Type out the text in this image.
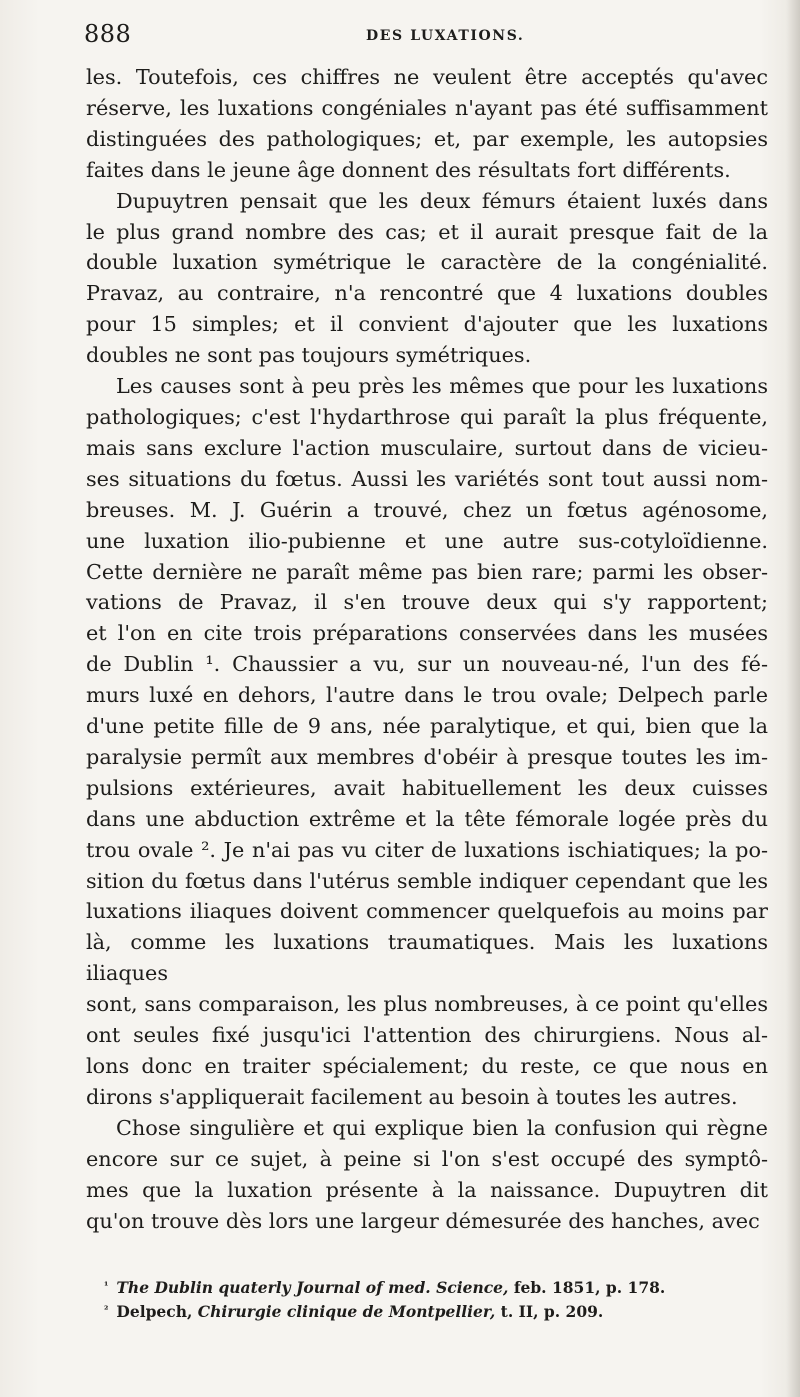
888	DES LUXATIONS.

les. Toutefois, ces chiffres ne veulent être acceptés qu'avec

réserve, les luxations congéniales n'ayant pas été suffisamment

distinguées des pathologiques; et, par exemple, les autopsies

faites dans le jeune âge donnent des résultats fort différents.

Dupuytren pensait que les deux fémurs étaient luxés dans

le plus grand nombre des cas; et il aurait presque fait de la

double luxation symétrique le caractère de la congénialité.

Pravaz, au contraire, n'a rencontré que 4 luxations doubles

pour 15 simples; et il convient d'ajouter que les luxations

doubles ne sont pas toujours symétriques.

Les causes sont à peu près les mêmes que pour les luxations

pathologiques; c'est l'hydarthrose qui paraît la plus fréquente,

mais sans exclure l'action musculaire, surtout dans de vicieu-

ses situations du fœtus. Aussi les variétés sont tout aussi nom-

breuses. M. J. Guérin a trouvé, chez un fœtus agénosome,

une luxation ilio-pubienne et une autre sus-cotyloïdienne.

Cette dernière ne paraît même pas bien rare; parmi les obser-

vations de Pravaz, il s'en trouve deux qui s'y rapportent;

et l'on en cite trois préparations conservées dans les musées

de Dublin ¹. Chaussier a vu, sur un nouveau-né, l'un des fé-

murs luxé en dehors, l'autre dans le trou ovale; Delpech parle

d'une petite fille de 9 ans, née paralytique, et qui, bien que la

paralysie permît aux membres d'obéir à presque toutes les im-

pulsions extérieures, avait habituellement les deux cuisses

dans une abduction extrême et la tête fémorale logée près du

trou ovale ². Je n'ai pas vu citer de luxations ischiatiques; la po-

sition du fœtus dans l'utérus semble indiquer cependant que les

luxations iliaques doivent commencer quelquefois au moins par

là, comme les luxations traumatiques. Mais les luxations iliaques

sont, sans comparaison, les plus nombreuses, à ce point qu'elles

ont seules fixé jusqu'ici l'attention des chirurgiens. Nous al-

lons donc en traiter spécialement; du reste, ce que nous en

dirons s'appliquerait facilement au besoin à toutes les autres.

Chose singulière et qui explique bien la confusion qui règne

encore sur ce sujet, à peine si l'on s'est occupé des symptô-

mes que la luxation présente à la naissance. Dupuytren dit

qu'on trouve dès lors une largeur démesurée des hanches, avec

$^{^1}$ The Dublin quaterly Journal of med. Science, feb. 1851, p. 178.
$^{^2}$ Delpech, Chirurgie clinique de Montpellier, t. II, p. 209.
